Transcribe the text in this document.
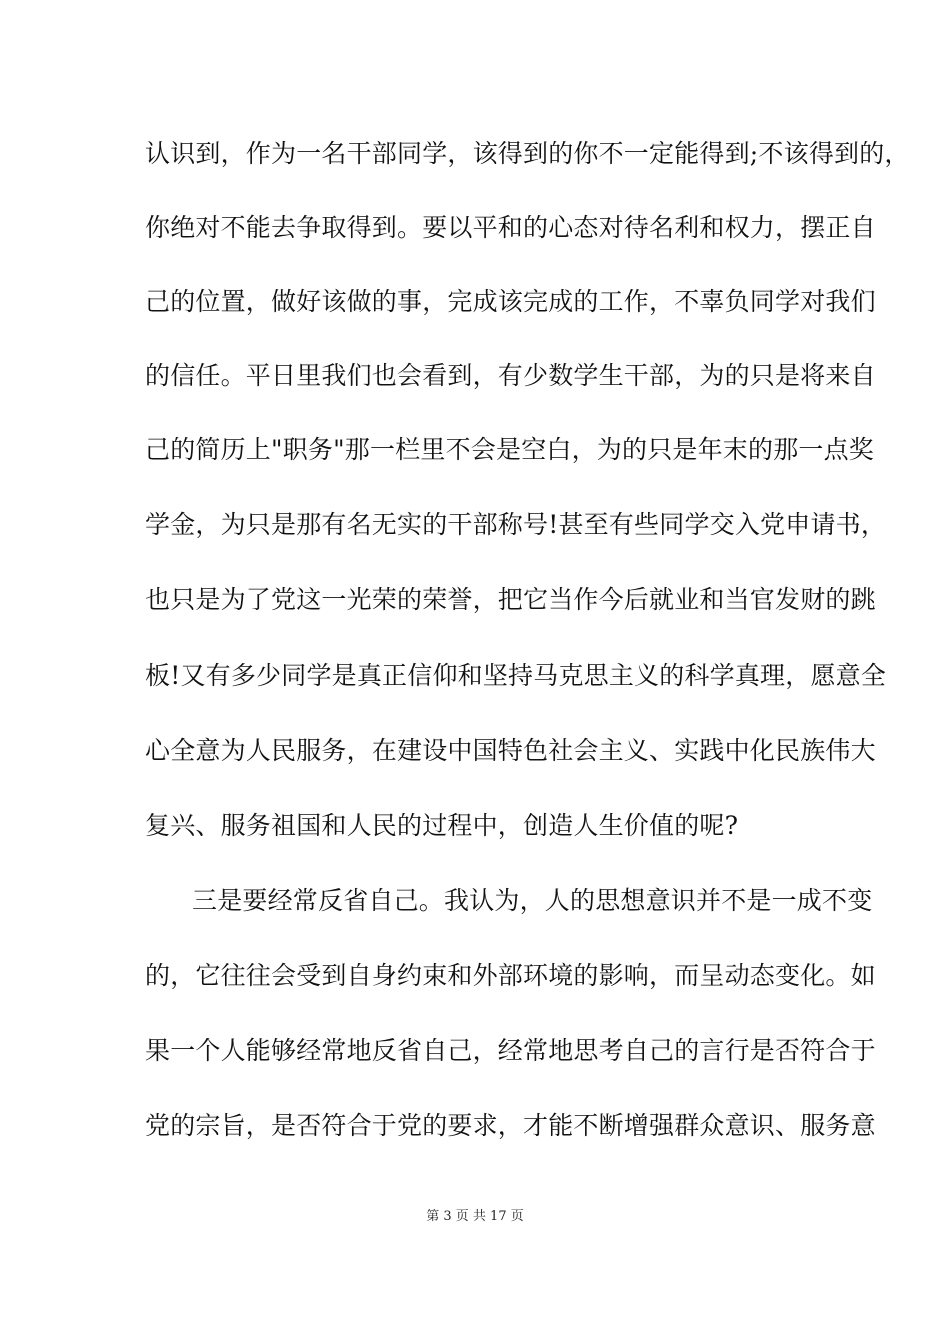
认识到，作为一名干部同学，该得到的你不一定能得到;不该得到的，
你绝对不能去争取得到。要以平和的心态对待名利和权力，摆正自
己的位置，做好该做的事，完成该完成的工作，不辜负同学对我们
的信任。平日里我们也会看到，有少数学生干部，为的只是将来自
己的简历上"职务"那一栏里不会是空白，为的只是年末的那一点奖
学金，为只是那有名无实的干部称号!甚至有些同学交入党申请书，
也只是为了党这一光荣的荣誉，把它当作今后就业和当官发财的跳
板!又有多少同学是真正信仰和坚持马克思主义的科学真理，愿意全
心全意为人民服务，在建设中国特色社会主义、实践中化民族伟大
复兴、服务祖国和人民的过程中，创造人生价值的呢?
三是要经常反省自己。我认为，人的思想意识并不是一成不变
的，它往往会受到自身约束和外部环境的影响，而呈动态变化。如
果一个人能够经常地反省自己，经常地思考自己的言行是否符合于
党的宗旨，是否符合于党的要求，才能不断增强群众意识、服务意
第 3 页 共 17 页
